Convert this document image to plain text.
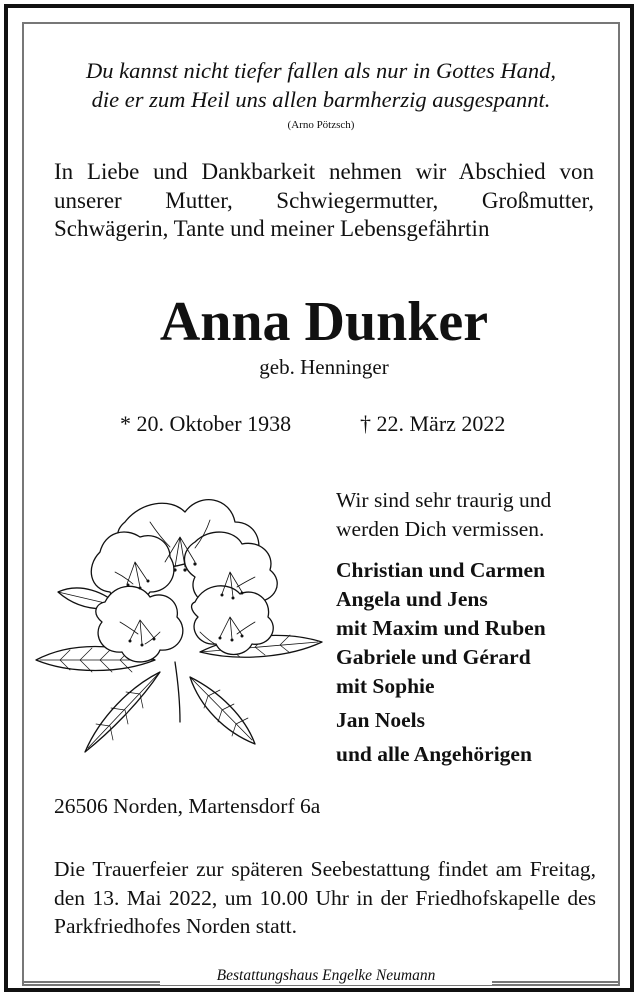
Du kannst nicht tiefer fallen als nur in Gottes Hand,
die er zum Heil uns allen barmherzig ausgespannt.
(Arno Pötzsch)
In Liebe und Dankbarkeit nehmen wir Abschied von unserer Mutter, Schwiegermutter, Großmutter, Schwägerin, Tante und meiner Lebensgefährtin
Anna Dunker
geb. Henninger
* 20. Oktober 1938	† 22. März 2022
Wir sind sehr traurig und
werden Dich vermissen.
Christian und Carmen
Angela und Jens
mit Maxim und Ruben
Gabriele und Gérard
mit Sophie
Jan Noels
und alle Angehörigen
26506 Norden, Martensdorf 6a
Die Trauerfeier zur späteren Seebestattung findet am Freitag, den 13. Mai 2022, um 10.00 Uhr in der Friedhofskapelle des Parkfriedhofes Norden statt.
Bestattungshaus Engelke Neumann
